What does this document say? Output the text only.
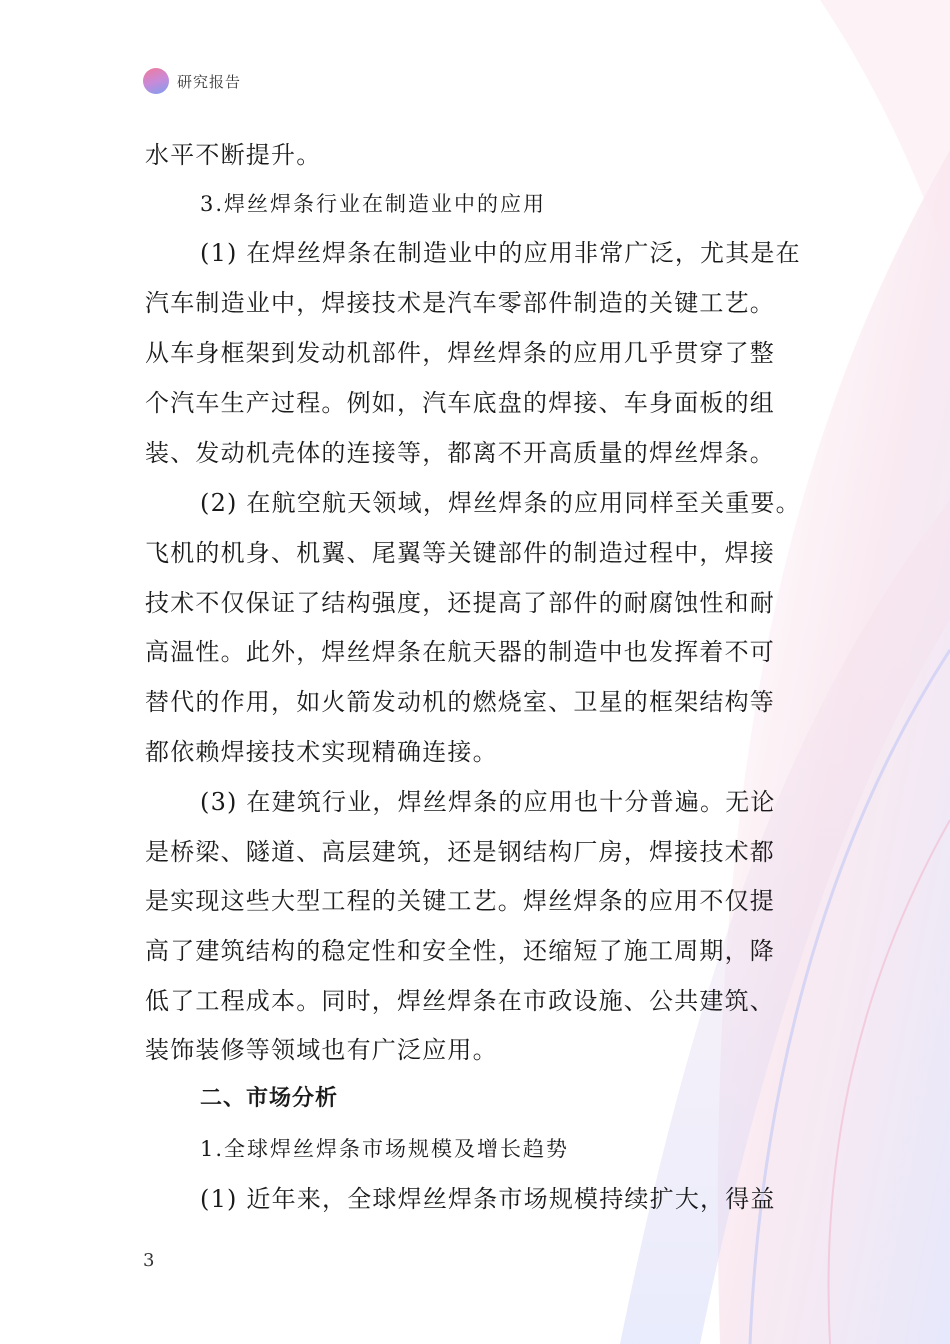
研究报告
水平不断提升。
3.焊丝焊条行业在制造业中的应用
(1) 在焊丝焊条在制造业中的应用非常广泛，尤其是在
汽车制造业中，焊接技术是汽车零部件制造的关键工艺。
从车身框架到发动机部件，焊丝焊条的应用几乎贯穿了整
个汽车生产过程。例如，汽车底盘的焊接、车身面板的组
装、发动机壳体的连接等，都离不开高质量的焊丝焊条。
(2) 在航空航天领域，焊丝焊条的应用同样至关重要。
飞机的机身、机翼、尾翼等关键部件的制造过程中，焊接
技术不仅保证了结构强度，还提高了部件的耐腐蚀性和耐
高温性。此外，焊丝焊条在航天器的制造中也发挥着不可
替代的作用，如火箭发动机的燃烧室、卫星的框架结构等
都依赖焊接技术实现精确连接。
(3) 在建筑行业，焊丝焊条的应用也十分普遍。无论
是桥梁、隧道、高层建筑，还是钢结构厂房，焊接技术都
是实现这些大型工程的关键工艺。焊丝焊条的应用不仅提
高了建筑结构的稳定性和安全性，还缩短了施工周期，降
低了工程成本。同时，焊丝焊条在市政设施、公共建筑、
装饰装修等领域也有广泛应用。
二、市场分析
1.全球焊丝焊条市场规模及增长趋势
(1) 近年来，全球焊丝焊条市场规模持续扩大，得益
3
